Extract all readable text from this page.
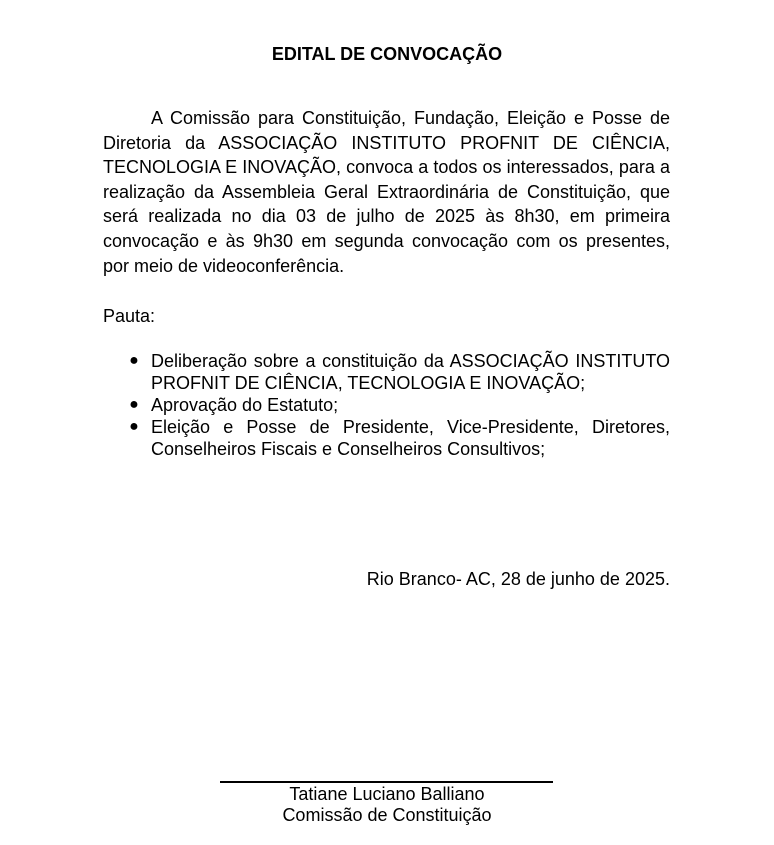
EDITAL DE CONVOCAÇÃO

A Comissão para Constituição, Fundação, Eleição e Posse de Diretoria da ASSOCIAÇÃO INSTITUTO PROFNIT DE CIÊNCIA, TECNOLOGIA E INOVAÇÃO, convoca a todos os interessados, para a realização da Assembleia Geral Extraordinária de Constituição, que será realizada no dia 03 de julho de 2025 às 8h30, em primeira convocação e às 9h30 em segunda convocação com os presentes, por meio de videoconferência.

Pauta:

● Deliberação sobre a constituição da ASSOCIAÇÃO INSTITUTO PROFNIT DE CIÊNCIA, TECNOLOGIA E INOVAÇÃO;
● Aprovação do Estatuto;
● Eleição e Posse de Presidente, Vice-Presidente, Diretores, Conselheiros Fiscais e Conselheiros Consultivos;

Rio Branco- AC, 28 de junho de 2025.

Tatiane Luciano Balliano
Comissão de Constituição
